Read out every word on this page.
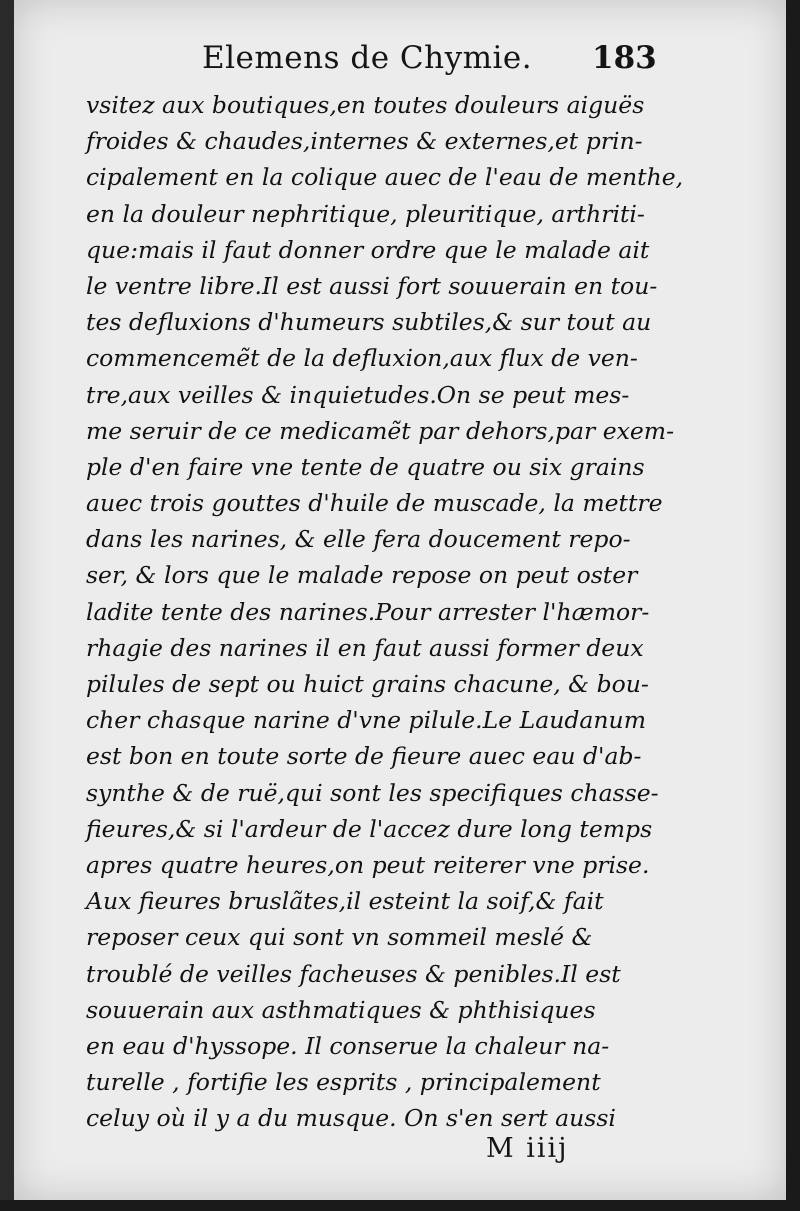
Elemens de Chymie. 183
vsitez aux boutiques,en toutes douleurs aiguës
froides & chaudes,internes & externes,et prin-
cipalement en la colique auec de l'eau de menthe,
en la douleur nephritique, pleuritique, arthriti-
que:mais il faut donner ordre que le malade ait
le ventre libre.Il est aussi fort souuerain en tou-
tes defluxions d'humeurs subtiles,& sur tout au
commencemẽt de la defluxion,aux flux de ven-
tre,aux veilles & inquietudes.On se peut mes-
me seruir de ce medicamẽt par dehors,par exem-
ple d'en faire vne tente de quatre ou six grains
auec trois gouttes d'huile de muscade, la mettre
dans les narines, & elle fera doucement repo-
ser, & lors que le malade repose on peut oster
ladite tente des narines.Pour arrester l'hæmor-
rhagie des narines il en faut aussi former deux
pilules de sept ou huict grains chacune, & bou-
cher chasque narine d'vne pilule.Le Laudanum
est bon en toute sorte de fieure auec eau d'ab-
synthe & de ruë,qui sont les specifiques chasse-
fieures,& si l'ardeur de l'accez dure long temps
apres quatre heures,on peut reiterer vne prise.
Aux fieures bruslãtes,il esteint la soif,& fait
reposer ceux qui sont vn sommeil meslé &
troublé de veilles facheuses & penibles.Il est
souuerain aux asthmatiques & phthisiques
en eau d'hyssope. Il conserue la chaleur na-
turelle , fortifie les esprits , principalement
celuy où il y a du musque. On s'en sert aussi
M iiij
